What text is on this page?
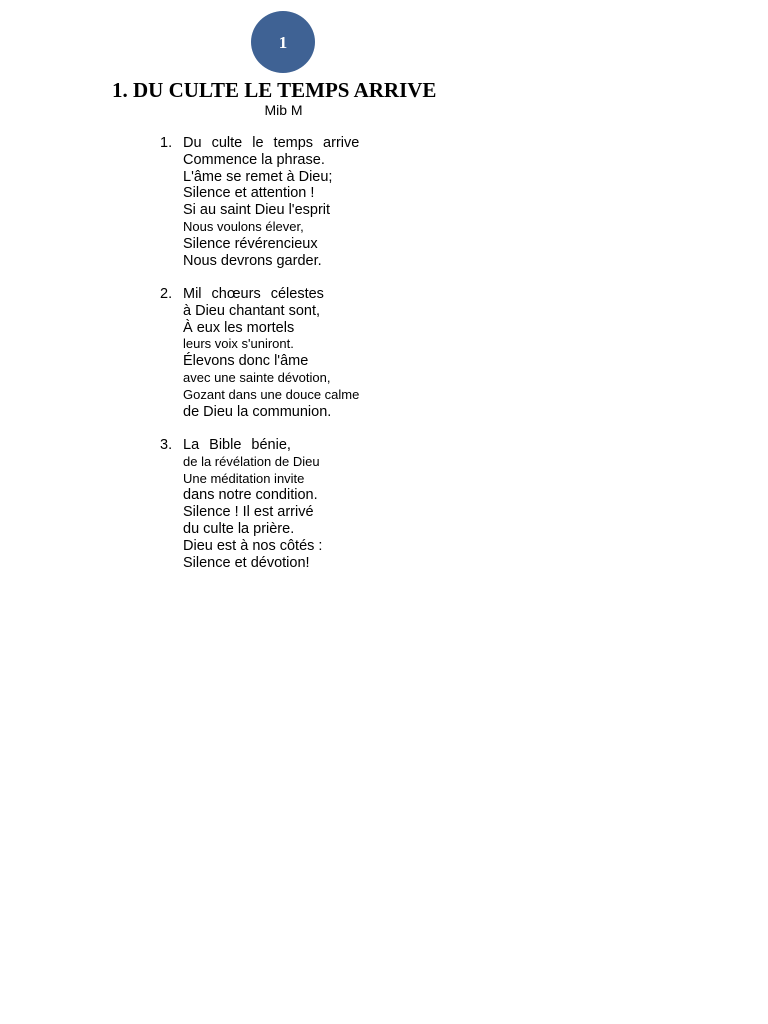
1
1. DU CULTE LE TEMPS ARRIVE
Mib M
1. Du culte le temps arrive
Commence la phrase.
L'âme se remet à Dieu;
Silence et attention !
Si au saint Dieu l'esprit
Nous voulons élever,
Silence révérencieux
Nous devrons garder.
2. Mil chœurs célestes
à Dieu chantant sont,
À eux les mortels
leurs voix s'uniront.
Élevons donc l'âme
avec une sainte dévotion,
Gozant dans une douce calme
de Dieu la communion.
3. La Bible bénie,
de la révélation de Dieu
Une méditation invite
dans notre condition.
Silence ! Il est arrivé
du culte la prière.
Dieu est à nos côtés :
Silence et dévotion!
